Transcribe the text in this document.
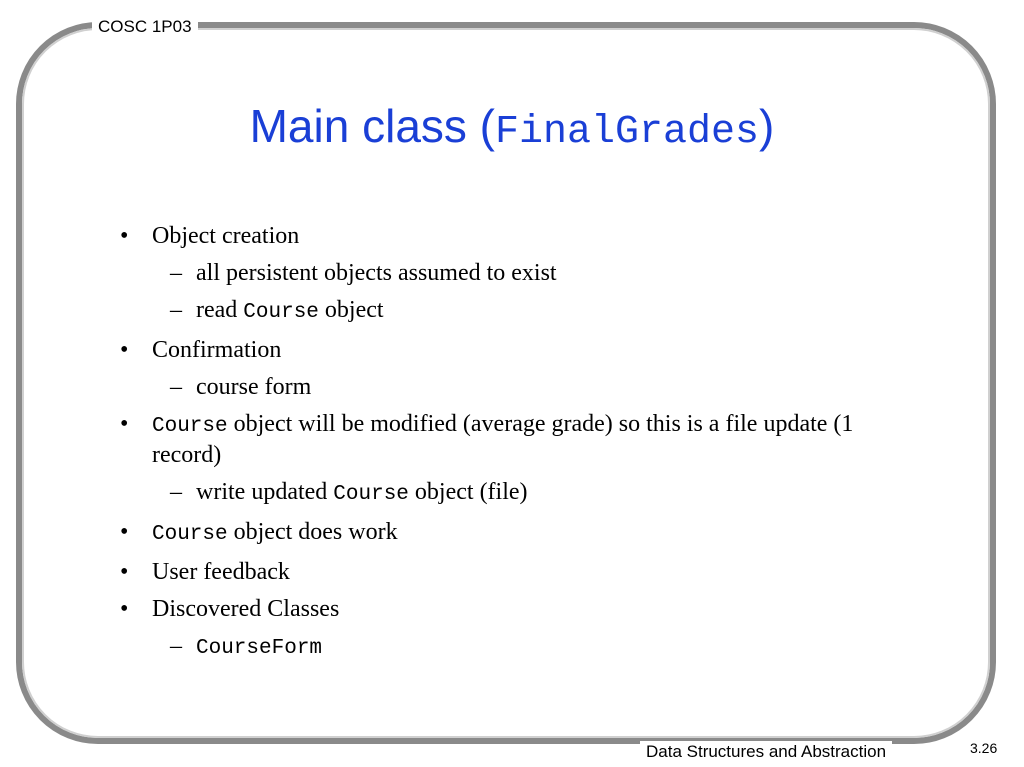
COSC 1P03
Main class (FinalGrades)
• Object creation
– all persistent objects assumed to exist
– read Course object
• Confirmation
– course form
• Course object will be modified (average grade) so this is a file update (1 record)
– write updated Course object (file)
• Course object does work
• User feedback
• Discovered Classes
– CourseForm
Data Structures and Abstraction	3.26
